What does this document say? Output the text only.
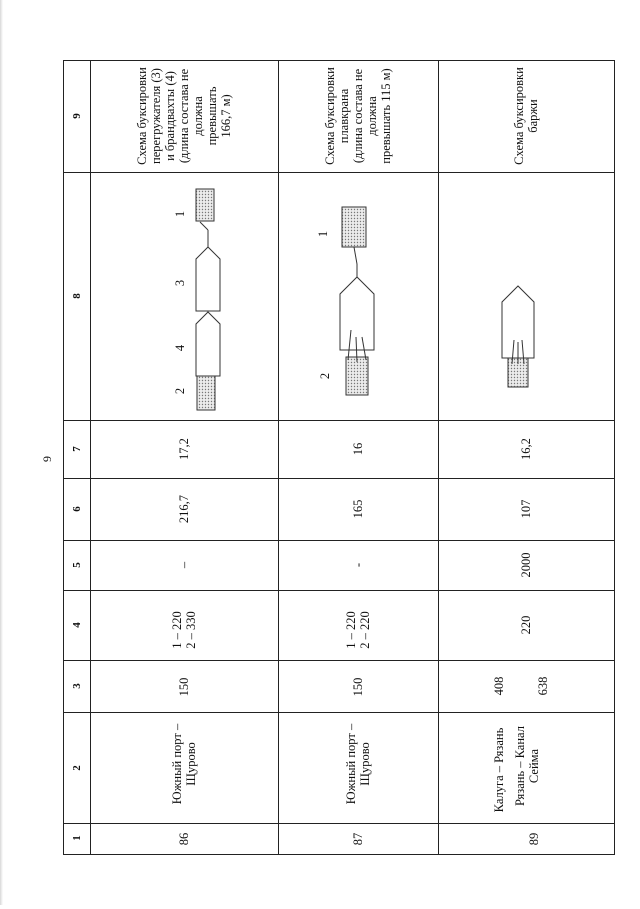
9
9
8
7
6
5
4
3
2
1	86
Южный порт –
Щурово
150
1 – 220
2 – 330
–
216,7
17,2
Схема буксировки
перегружателя (3)
и брандвахты (4)
(длина состава не
должна
превышать
166,7 м)
2
4
3
1
87
Южный порт –
Щурово
150
1 – 220
2 – 220
-
165
16
Схема буксировки
плавкрана
(длина состава не
должна
превышать 115 м)
2
1
89
Калуга – Рязань Рязань – Канал
Сейма
408 638
220
2000
107
16,2
Схема буксировки
баржи
